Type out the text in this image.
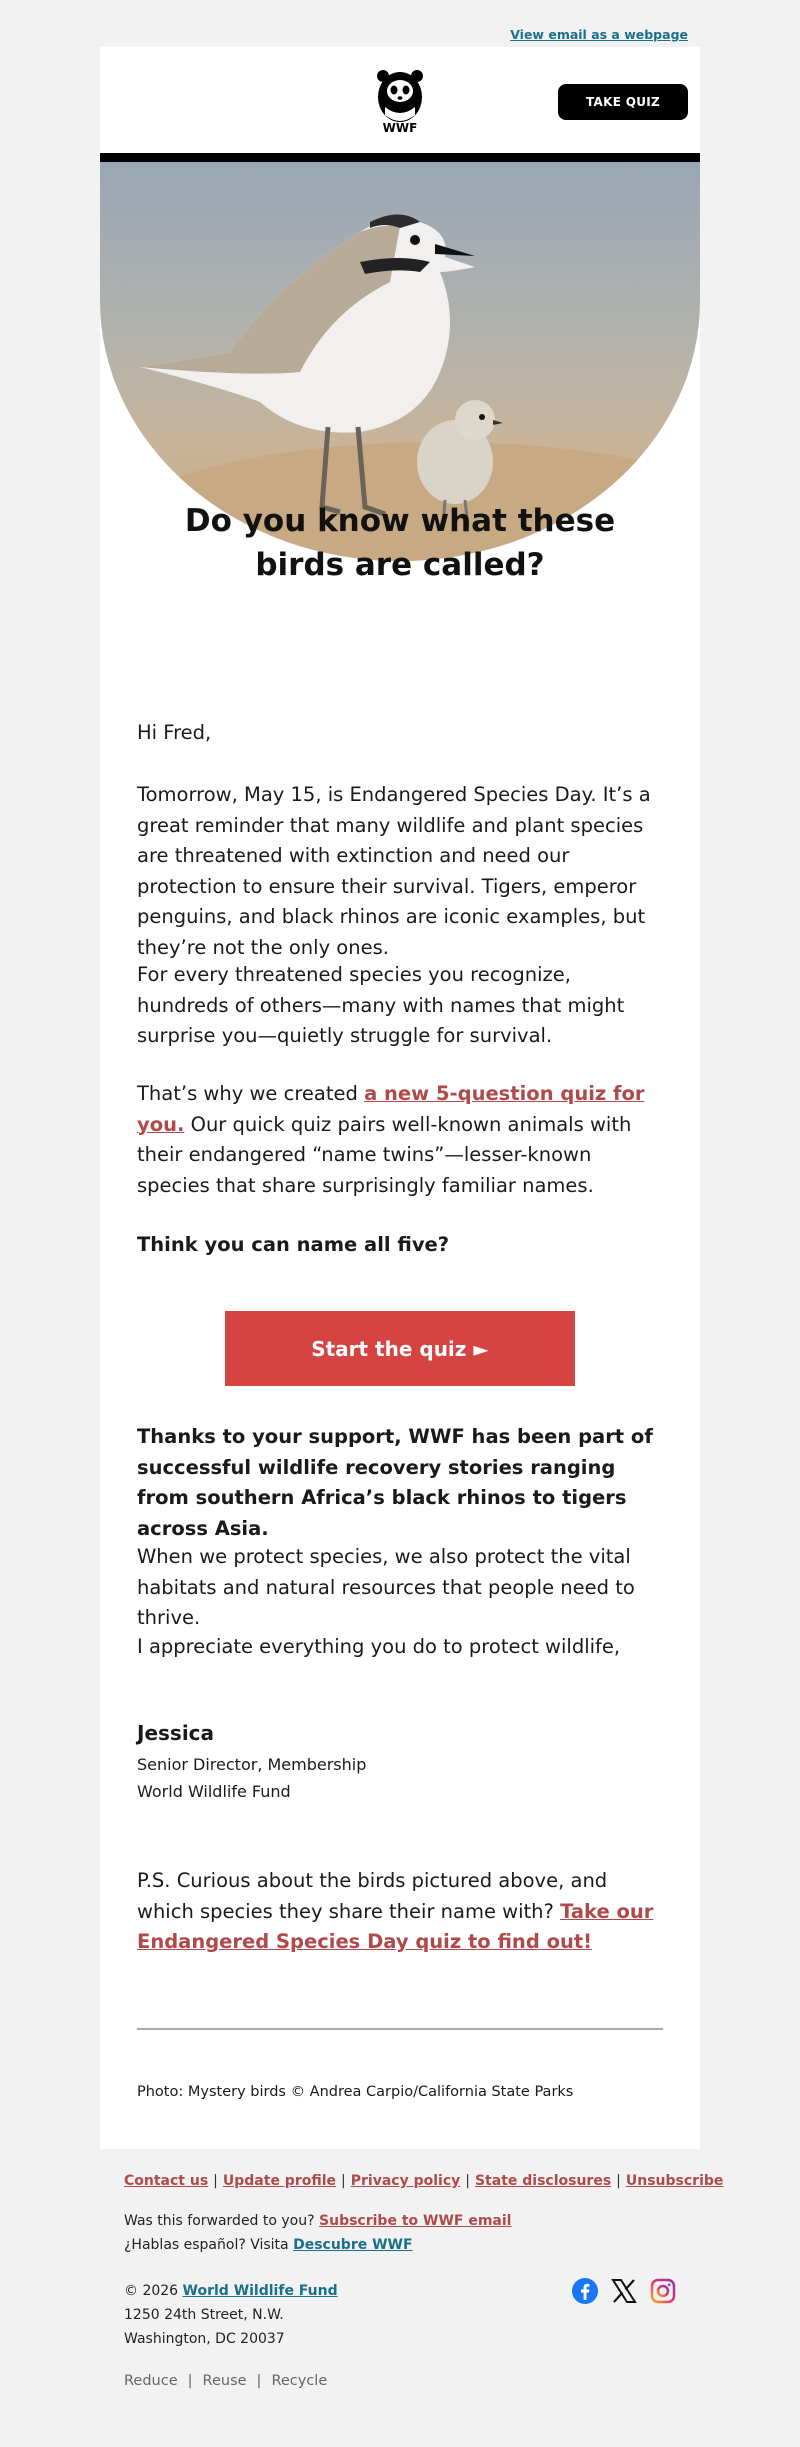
View email as a webpage
WWF
TAKE QUIZ
Do you know what these birds are called?
Hi Fred,
Tomorrow, May 15, is Endangered Species Day. It’s a great reminder that many wildlife and plant species are threatened with extinction and need our protection to ensure their survival. Tigers, emperor penguins, and black rhinos are iconic examples, but they’re not the only ones.
For every threatened species you recognize, hundreds of others—many with names that might surprise you—quietly struggle for survival.
That’s why we created a new 5-question quiz for you. Our quick quiz pairs well-known animals with their endangered “name twins”—lesser-known species that share surprisingly familiar names.
Think you can name all five?
Start the quiz ►
Thanks to your support, WWF has been part of successful wildlife recovery stories ranging from southern Africa’s black rhinos to tigers across Asia.
When we protect species, we also protect the vital habitats and natural resources that people need to thrive.
I appreciate everything you do to protect wildlife,
Jessica
Senior Director, Membership
World Wildlife Fund
P.S. Curious about the birds pictured above, and which species they share their name with? Take our Endangered Species Day quiz to find out!
Photo: Mystery birds © Andrea Carpio/California State Parks
Contact us | Update profile | Privacy policy | State disclosures | Unsubscribe
Was this forwarded to you? Subscribe to WWF email
¿Hablas español? Visita Descubre WWF
© 2026 World Wildlife Fund
1250 24th Street, N.W.
Washington, DC 20037
Reduce | Reuse | Recycle
